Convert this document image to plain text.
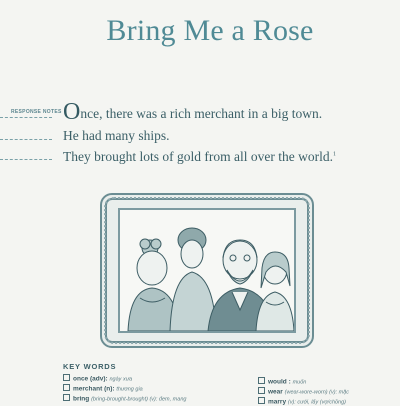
Bring Me a Rose
RESPONSE NOTES Once, there was a rich merchant in a big town.
He had many ships.
They brought lots of gold from all over the world.$^1$
KEY WORDS
once (adv): ngày xưa
merchant (n): thương gia
bring (bring-brought-brought) (v): đem, mang
would : muốn
wear (wear-wore-worn) (v): mặc
marry (v): cưới, lấy (vợ/chồng)
